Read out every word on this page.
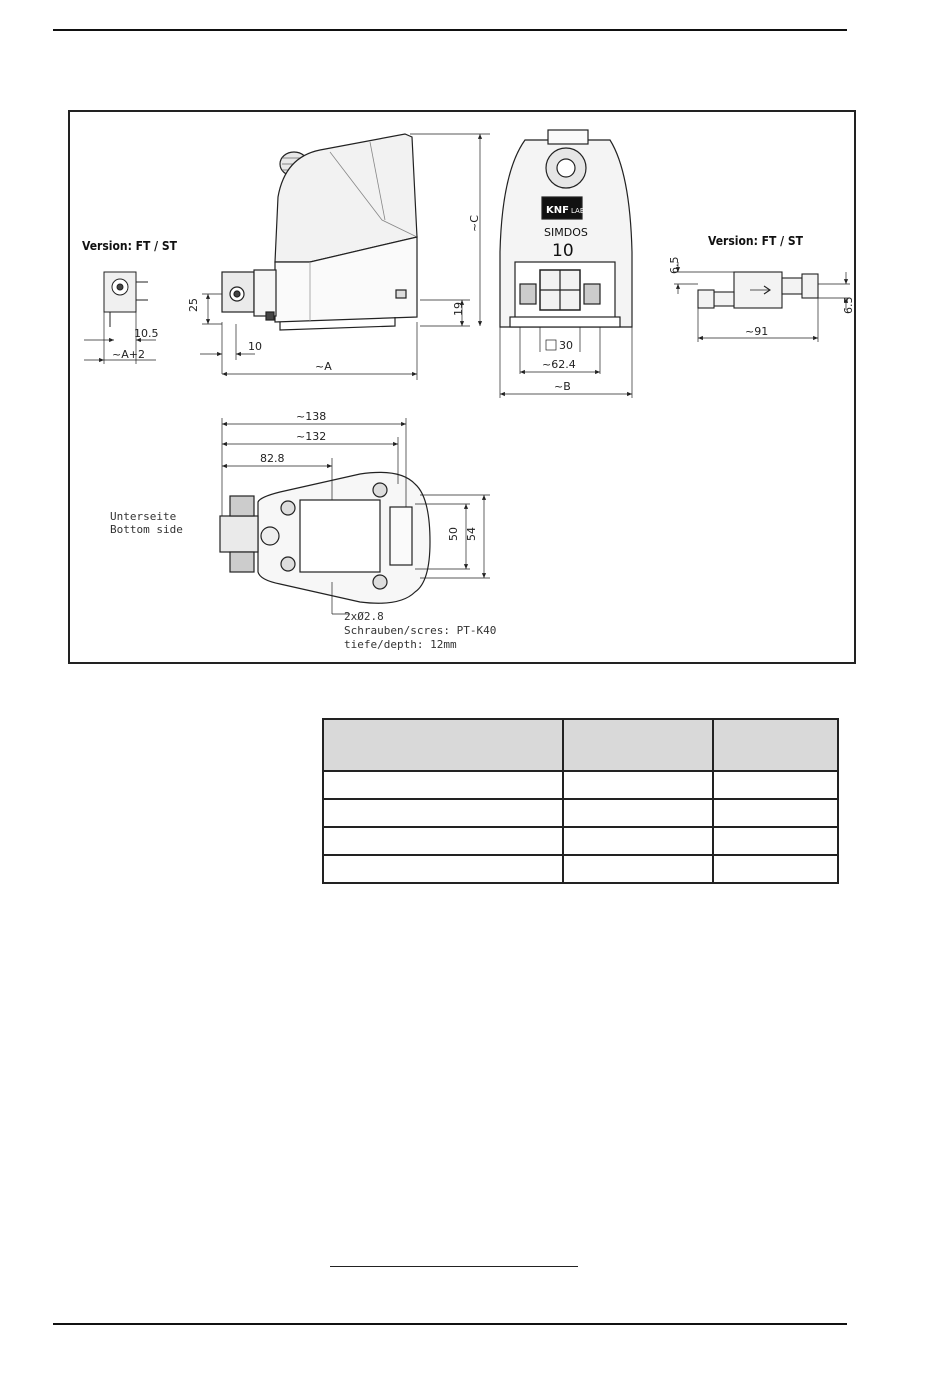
Version: FT / ST
25
10
~A
19
~C
10.5
~A+2
KNF LAB
SIMDOS
10
30
~62.4
~B
Version: FT / ST
6.5
6.5
~91
Unterseite
Bottom side
~138
~132
82.8
50 54
2xØ2.8
Schrauben/scres: PT-K40
tiefe/depth: 12mm
